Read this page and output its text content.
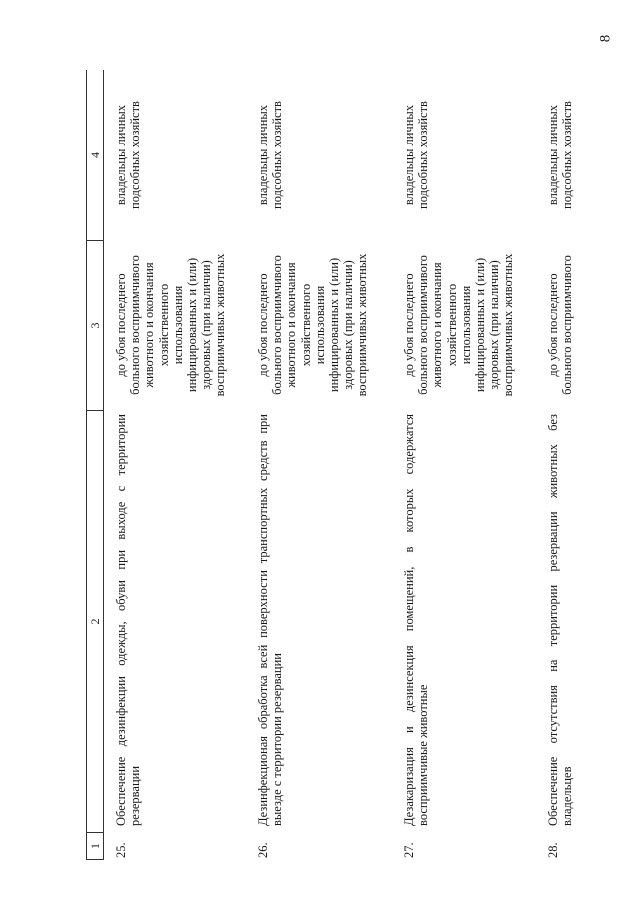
8
1
2
3
4
25.
Обеспечение дезинфекции одежды, обуви при выходе с территории резервации
до убоя последнего больного восприимчивого животного и окончания хозяйственного использования инфицированных и (или) здоровых (при наличии) восприимчивых животных
владельцы личных подсобных хозяйств
26.
Дезинфекционая обработка всей поверхности транспортных средств при выезде с территории резервации
до убоя последнего больного восприимчивого животного и окончания хозяйственного использования инфицированных и (или) здоровых (при наличии) восприимчивых животных
владельцы личных подсобных хозяйств
27.
Дезакаризация и дезинсекция помещений, в которых содержатся восприимчивые животные
до убоя последнего больного восприимчивого животного и окончания хозяйственного использования инфицированных и (или) здоровых (при наличии) восприимчивых животных
владельцы личных подсобных хозяйств
28.
Обеспечение отсутствия на территории резервации животных без владельцев
до убоя последнего больного восприимчивого
владельцы личных подсобных хозяйств
